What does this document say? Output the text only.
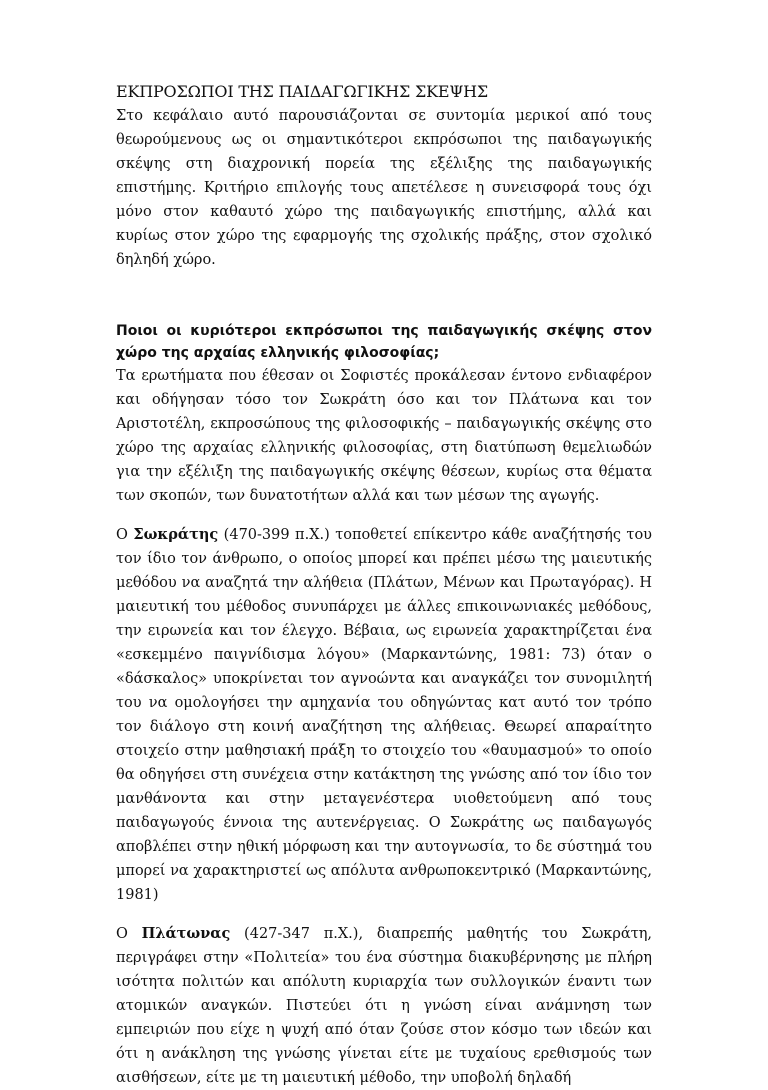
ΕΚΠΡΟΣΩΠΟΙ ΤΗΣ ΠΑΙΔΑΓΩΓΙΚΗΣ ΣΚΕΨΗΣ

Στο κεφάλαιο αυτό παρουσιάζονται σε συντομία μερικοί από τους θεωρούμενους ως οι σημαντικότεροι εκπρόσωποι της παιδαγωγικής σκέψης στη διαχρονική πορεία της εξέλιξης της παιδαγωγικής επιστήμης. Κριτήριο επιλογής τους απετέλεσε η συνεισφορά τους όχι μόνο στον καθαυτό χώρο της παιδαγωγικής επιστήμης, αλλά και κυρίως στον χώρο της εφαρμογής της σχολικής πράξης, στον σχολικό δηληδή χώρο.

Ποιοι οι κυριότεροι εκπρόσωποι της παιδαγωγικής σκέψης στον χώρο της αρχαίας ελληνικής φιλοσοφίας;

Τα ερωτήματα που έθεσαν οι Σοφιστές προκάλεσαν έντονο ενδιαφέρον και οδήγησαν τόσο τον Σωκράτη όσο και τον Πλάτωνα και τον Αριστοτέλη, εκπροσώπους της φιλοσοφικής – παιδαγωγικής σκέψης στο χώρο της αρχαίας ελληνικής φιλοσοφίας, στη διατύπωση θεμελιωδών για την εξέλιξη της παιδαγωγικής σκέψης θέσεων, κυρίως στα θέματα των σκοπών, των δυνατοτήτων αλλά και των μέσων της αγωγής.

Ο Σωκράτης (470-399 π.Χ.) τοποθετεί επίκεντρο κάθε αναζήτησής του τον ίδιο τον άνθρωπο, ο οποίος μπορεί και πρέπει μέσω της μαιευτικής μεθόδου να αναζητά την αλήθεια (Πλάτων, Μένων και Πρωταγόρας). Η μαιευτική του μέθοδος συνυπάρχει με άλλες επικοινωνιακές μεθόδους, την ειρωνεία και τον έλεγχο. Βέβαια, ως ειρωνεία χαρακτηρίζεται ένα «εσκεμμένο παιγνίδισμα λόγου» (Μαρκαντώνης, 1981: 73) όταν ο «δάσκαλος» υποκρίνεται τον αγνοώντα και αναγκάζει τον συνομιλητή του να ομολογήσει την αμηχανία του οδηγώντας κατ αυτό τον τρόπο τον διάλογο στη κοινή αναζήτηση της αλήθειας. Θεωρεί απαραίτητο στοιχείο στην μαθησιακή πράξη το στοιχείο του «θαυμασμού» το οποίο θα οδηγήσει στη συνέχεια στην κατάκτηση της γνώσης από τον ίδιο τον μανθάνοντα και στην μεταγενέστερα υιοθετούμενη από τους παιδαγωγούς έννοια της αυτενέργειας. Ο Σωκράτης ως παιδαγωγός αποβλέπει στην ηθική μόρφωση και την αυτογνωσία, το δε σύστημά του μπορεί να χαρακτηριστεί ως απόλυτα ανθρωποκεντρικό (Μαρκαντώνης, 1981)

Ο Πλάτωνας (427-347 π.Χ.), διαπρεπής μαθητής του Σωκράτη, περιγράφει στην «Πολιτεία» του ένα σύστημα διακυβέρνησης με πλήρη ισότητα πολιτών και απόλυτη κυριαρχία των συλλογικών έναντι των ατομικών αναγκών. Πιστεύει ότι η γνώση είναι ανάμνηση των εμπειριών που είχε η ψυχή από όταν ζούσε στον κόσμο των ιδεών και ότι η ανάκληση της γνώσης γίνεται είτε με τυχαίους ερεθισμούς των αισθήσεων, είτε με τη μαιευτική μέθοδο, την υποβολή δηλαδή
